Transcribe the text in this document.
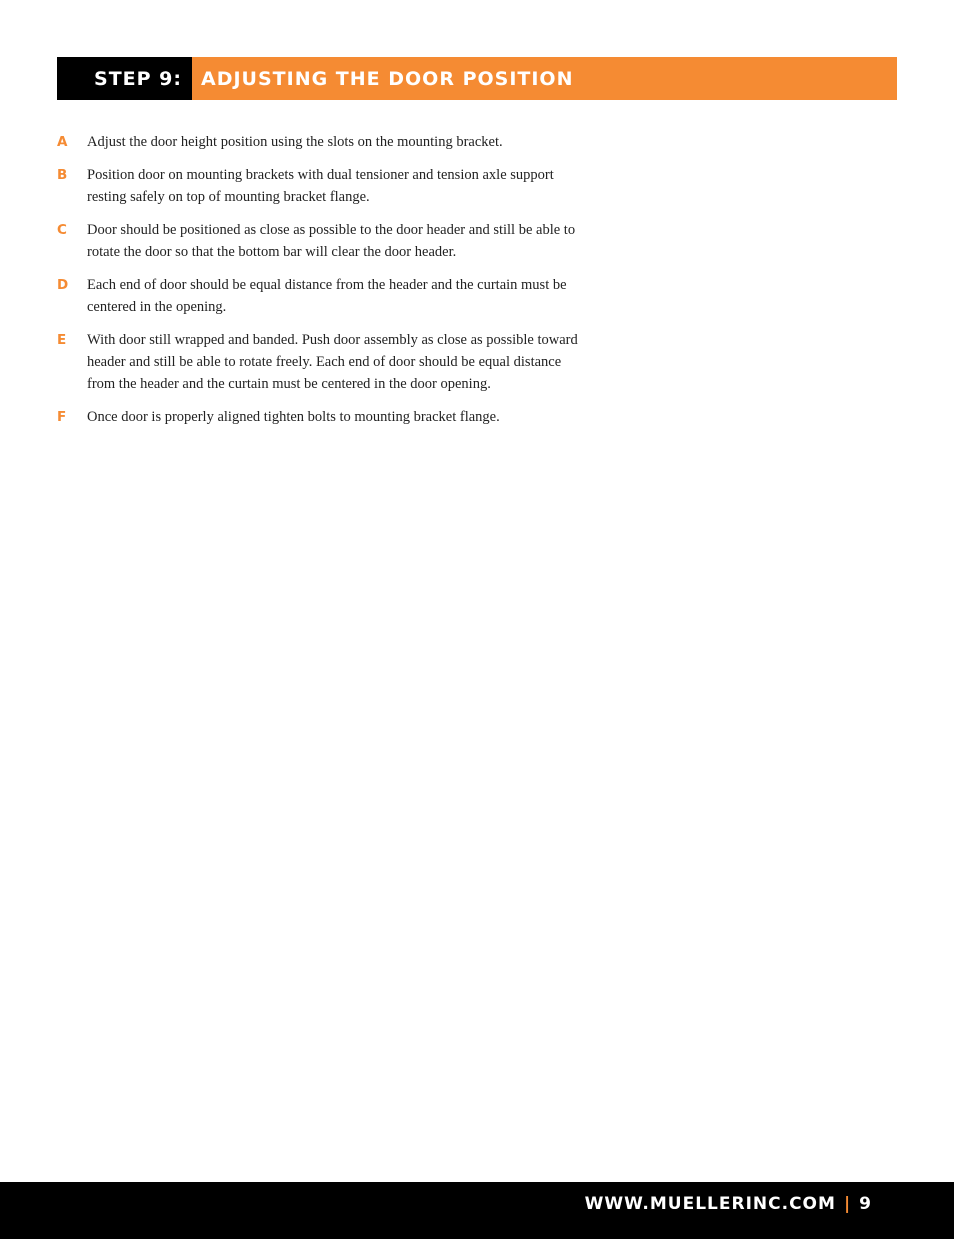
STEP 9:	ADJUSTING THE DOOR POSITION
A	Adjust the door height position using the slots on the mounting bracket.
B	Position door on mounting brackets with dual tensioner and tension axle support resting safely on top of mounting bracket flange.
C	Door should be positioned as close as possible to the door header and still be able to rotate the door so that the bottom bar will clear the door header.
D	Each end of door should be equal distance from the header and the curtain must be centered in the opening.
E	With door still wrapped and banded. Push door assembly as close as possible toward header and still be able to rotate freely. Each end of door should be equal distance from the header and the curtain must be centered in the door opening.
F	Once door is properly aligned tighten bolts to mounting bracket flange.
WWW.MUELLERINC.COM | 9
